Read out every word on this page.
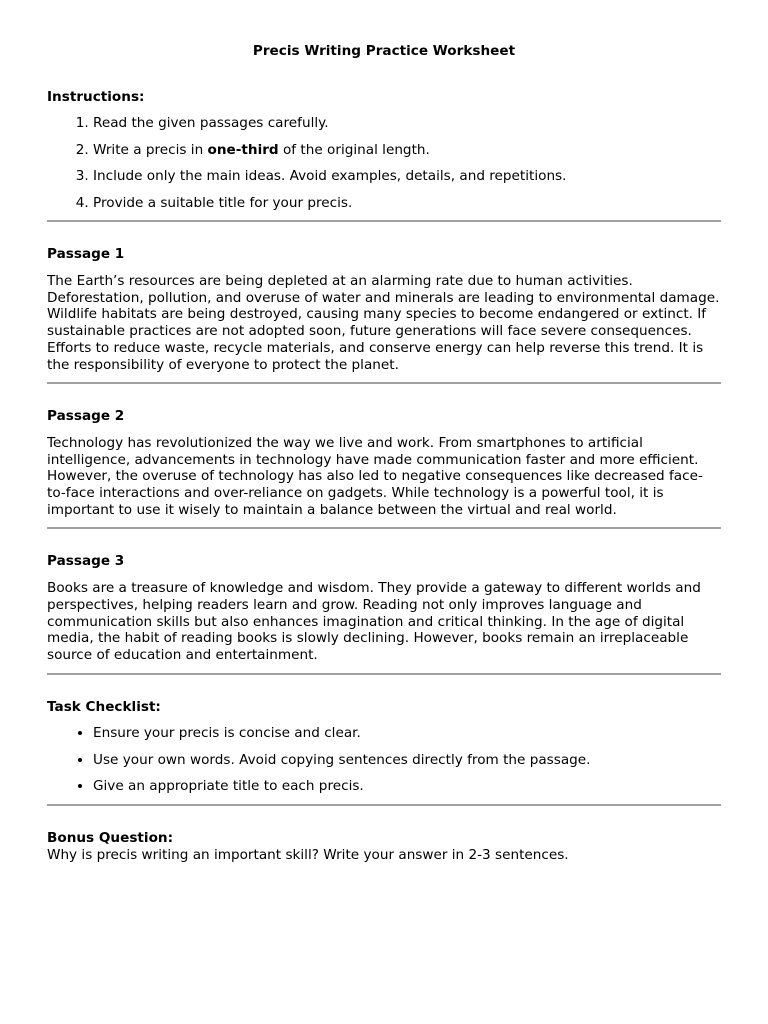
Precis Writing Practice Worksheet
Instructions:
1. Read the given passages carefully.
2. Write a precis in one-third of the original length.
3. Include only the main ideas. Avoid examples, details, and repetitions.
4. Provide a suitable title for your precis.
Passage 1

The Earth’s resources are being depleted at an alarming rate due to human activities. Deforestation, pollution, and overuse of water and minerals are leading to environmental damage. Wildlife habitats are being destroyed, causing many species to become endangered or extinct. If sustainable practices are not adopted soon, future generations will face severe consequences. Efforts to reduce waste, recycle materials, and conserve energy can help reverse this trend. It is the responsibility of everyone to protect the planet.

Passage 2

Technology has revolutionized the way we live and work. From smartphones to artificial intelligence, advancements in technology have made communication faster and more efficient. However, the overuse of technology has also led to negative consequences like decreased face-to-face interactions and over-reliance on gadgets. While technology is a powerful tool, it is important to use it wisely to maintain a balance between the virtual and real world.

Passage 3

Books are a treasure of knowledge and wisdom. They provide a gateway to different worlds and perspectives, helping readers learn and grow. Reading not only improves language and communication skills but also enhances imagination and critical thinking. In the age of digital media, the habit of reading books is slowly declining. However, books remain an irreplaceable source of education and entertainment.

Task Checklist:
• Ensure your precis is concise and clear.
• Use your own words. Avoid copying sentences directly from the passage.
• Give an appropriate title to each precis.
Bonus Question:

Why is precis writing an important skill? Write your answer in 2-3 sentences.
